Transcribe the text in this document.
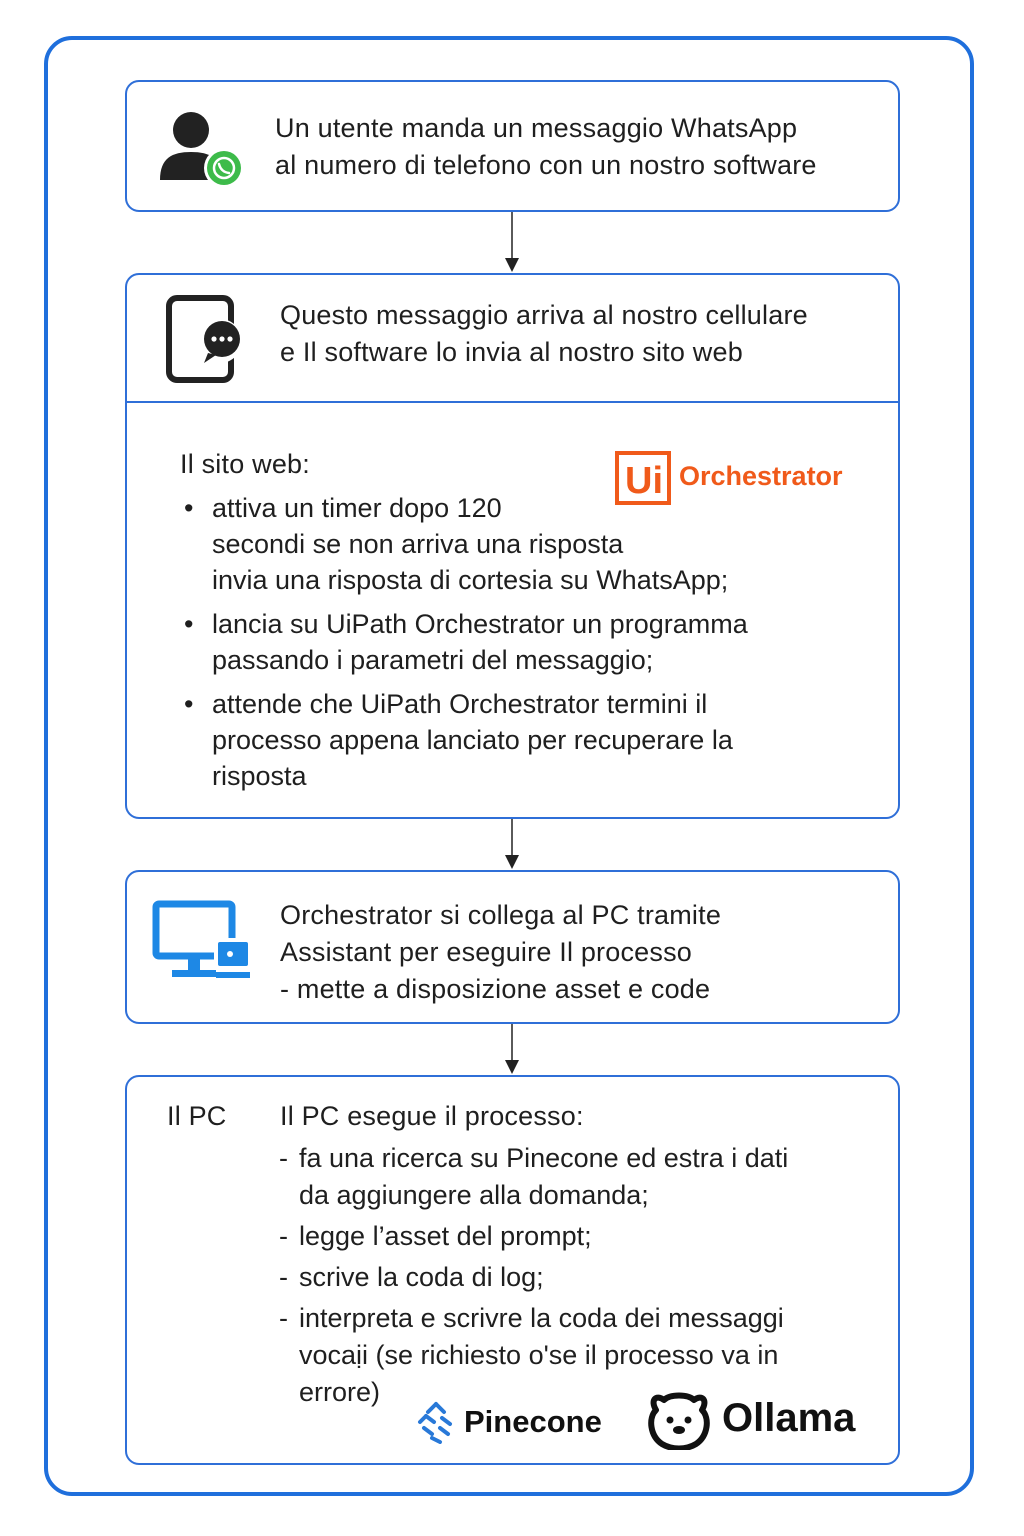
Un utente manda un messaggio WhatsApp
al numero di telefono con un nostro software
Questo messaggio arriva al nostro cellulare
e Il software lo invia al nostro sito web
Il sito web:	Ui Orchestrator
• attiva un timer dopo 120
secondi se non arriva una risposta
invia una risposta di cortesia su WhatsApp;
• lancia su UiPath Orchestrator un programma
passando i parametri del messaggio;
• attende che UiPath Orchestrator termini il
processo appena lanciato per recuperare la
risposta
Orchestrator si collega al PC tramite
Assistant per eseguire Il processo
- mette a disposizione asset e code
Il PC Il PC esegue il processo:
- fa una ricerca su Pinecone ed estra i dati
da aggiungere alla domanda;
- legge l’asset del prompt;
- scrive la coda di log;
- interpreta e scrivre la coda dei messaggi
vocaịi (se richiesto o'se il processo va in
errore)
Pinecone	Ollama
